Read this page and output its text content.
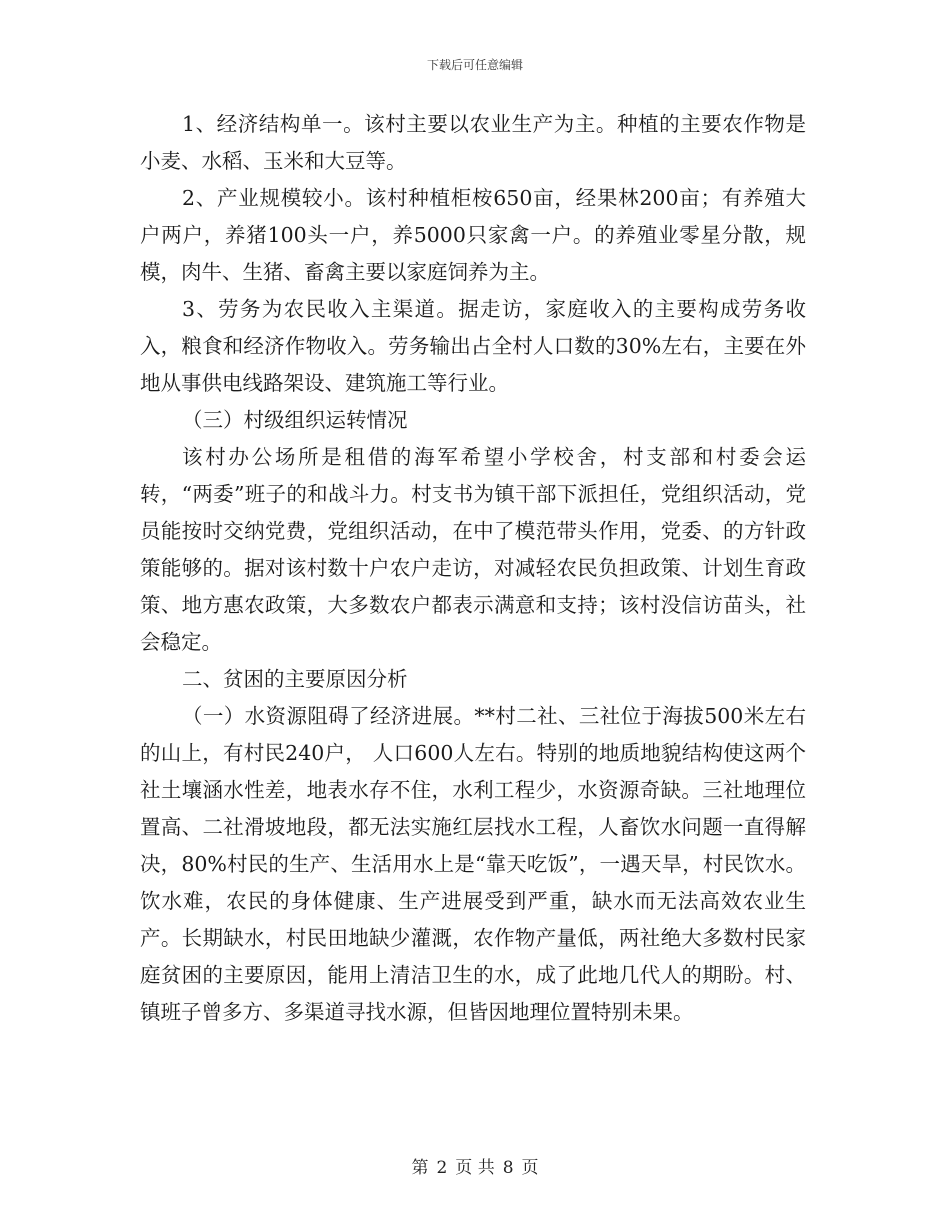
下载后可任意编辑

1、经济结构单一。该村主要以农业生产为主。种植的主要农作物是小麦、水稻、玉米和大豆等。

2、产业规模较小。该村种植柜桉650亩，经果林200亩；有养殖大户两户，养猪100头一户，养5000只家禽一户。的养殖业零星分散，规模，肉牛、生猪、畜禽主要以家庭饲养为主。

3、劳务为农民收入主渠道。据走访，家庭收入的主要构成劳务收入，粮食和经济作物收入。劳务输出占全村人口数的30%左右，主要在外地从事供电线路架设、建筑施工等行业。

（三）村级组织运转情况

该村办公场所是租借的海军希望小学校舍，村支部和村委会运转，“两委”班子的和战斗力。村支书为镇干部下派担任，党组织活动，党员能按时交纳党费，党组织活动，在中了模范带头作用，党委、的方针政策能够的。据对该村数十户农户走访，对减轻农民负担政策、计划生育政策、地方惠农政策，大多数农户都表示满意和支持；该村没信访苗头，社会稳定。

二、贫困的主要原因分析

（一）水资源阻碍了经济进展。**村二社、三社位于海拔500米左右的山上，有村民240户， 人口600人左右。特别的地质地貌结构使这两个社土壤涵水性差，地表水存不住，水利工程少，水资源奇缺。三社地理位置高、二社滑坡地段，都无法实施红层找水工程，人畜饮水问题一直得解决，80%村民的生产、生活用水上是“靠天吃饭”，一遇天旱，村民饮水。饮水难，农民的身体健康、生产进展受到严重，缺水而无法高效农业生产。长期缺水，村民田地缺少灌溉，农作物产量低，两社绝大多数村民家庭贫困的主要原因，能用上清洁卫生的水，成了此地几代人的期盼。村、镇班子曾多方、多渠道寻找水源，但皆因地理位置特别未果。

第 2 页 共 8 页
